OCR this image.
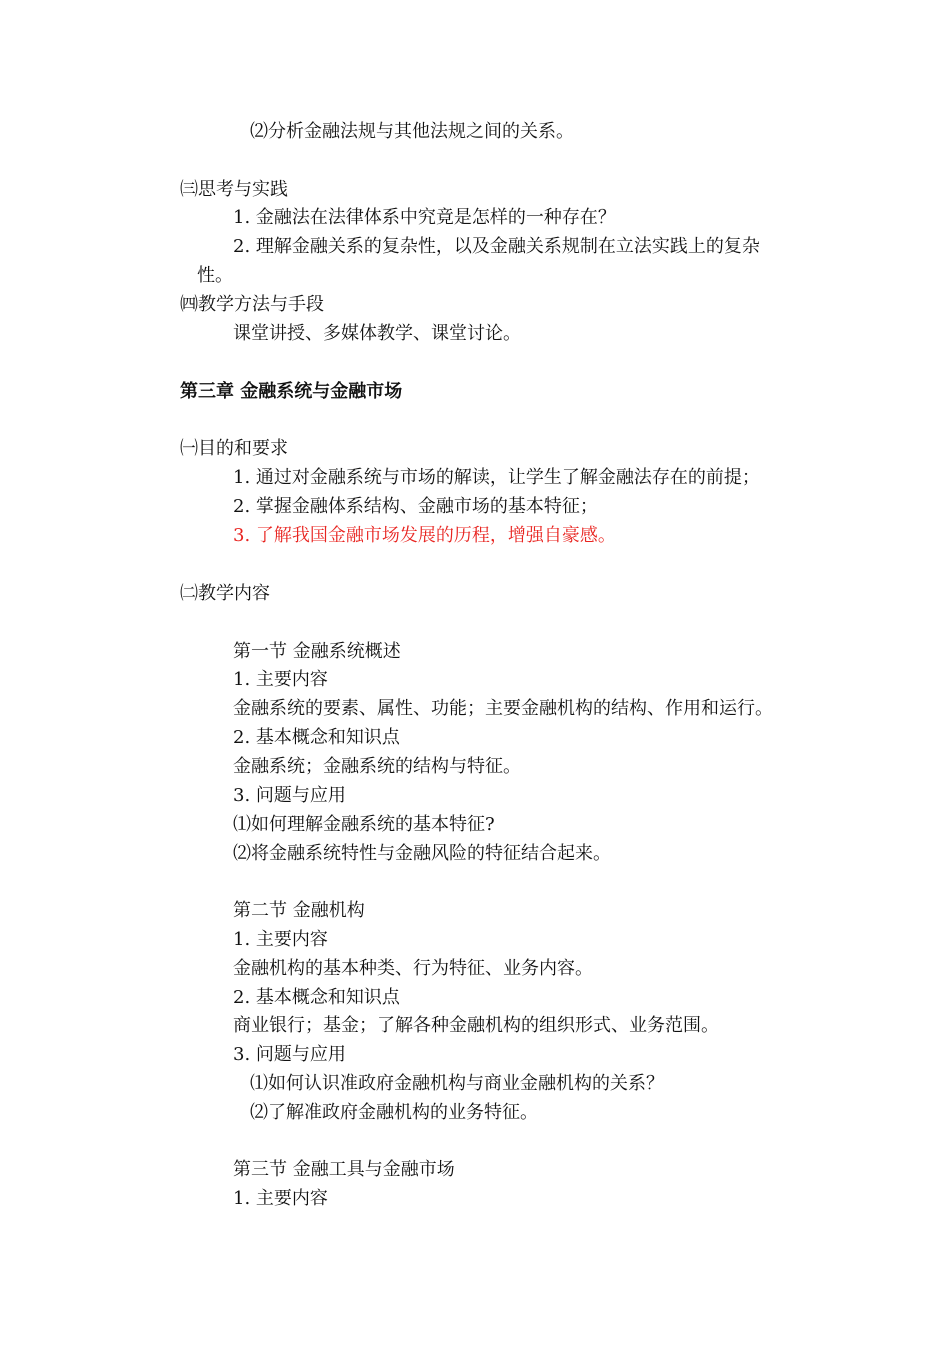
⑵分析金融法规与其他法规之间的关系。
㈢思考与实践
1. 金融法在法律体系中究竟是怎样的一种存在？
2. 理解金融关系的复杂性，以及金融关系规制在立法实践上的复杂
性。
㈣教学方法与手段
课堂讲授、多媒体教学、课堂讨论。
第三章 金融系统与金融市场
㈠目的和要求
1. 通过对金融系统与市场的解读，让学生了解金融法存在的前提；
2. 掌握金融体系结构、金融市场的基本特征；
3. 了解我国金融市场发展的历程，增强自豪感。
㈡教学内容
第一节 金融系统概述
1. 主要内容
金融系统的要素、属性、功能；主要金融机构的结构、作用和运行。
2. 基本概念和知识点
金融系统；金融系统的结构与特征。
3. 问题与应用
⑴如何理解金融系统的基本特征?
⑵将金融系统特性与金融风险的特征结合起来。
第二节 金融机构
1. 主要内容
金融机构的基本种类、行为特征、业务内容。
2. 基本概念和知识点
商业银行；基金；了解各种金融机构的组织形式、业务范围。
3. 问题与应用
⑴如何认识准政府金融机构与商业金融机构的关系？
⑵了解准政府金融机构的业务特征。
第三节 金融工具与金融市场
1. 主要内容
